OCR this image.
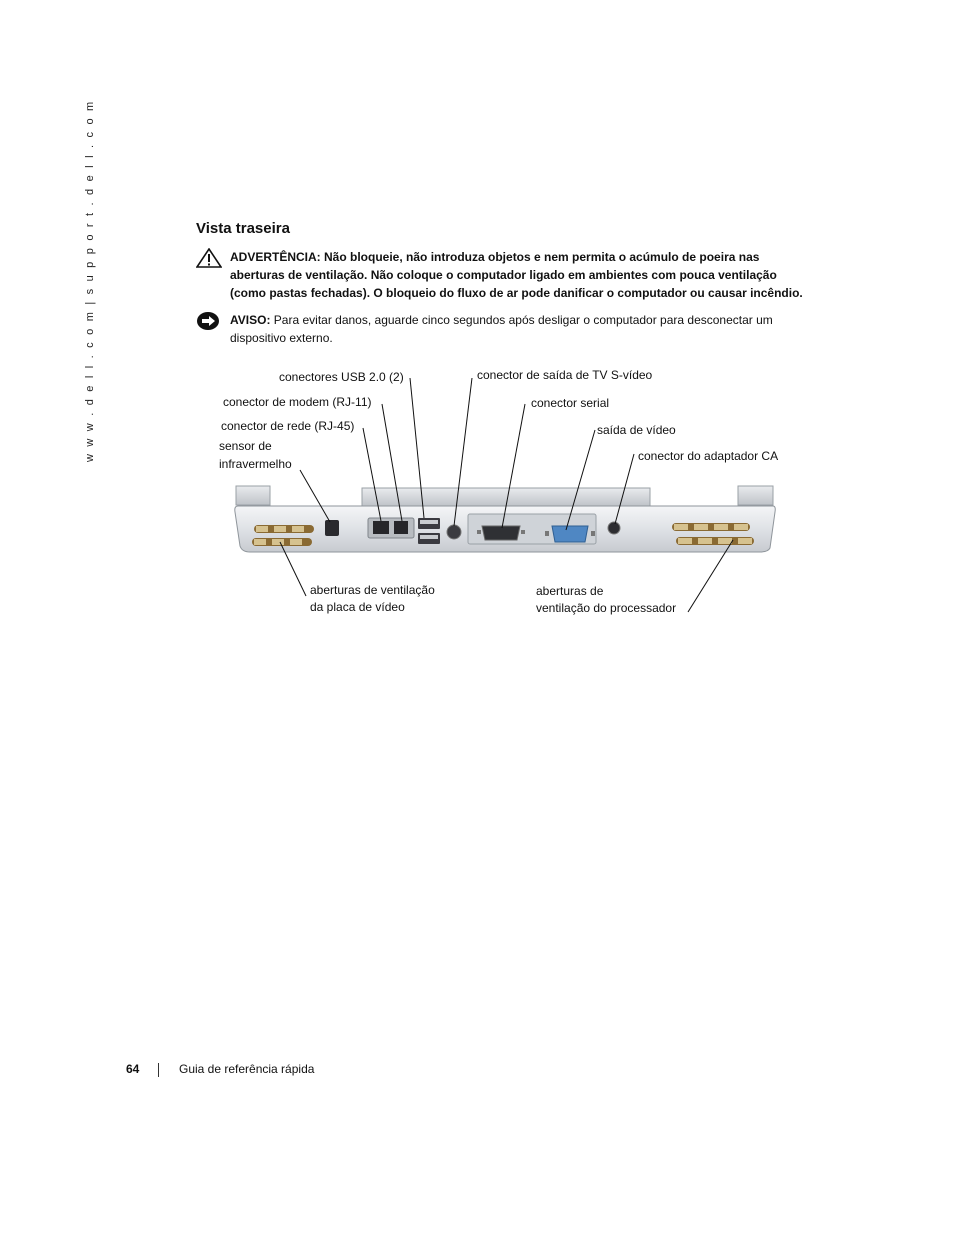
w w w . d e l l . c o m | s u p p o r t . d e l l . c o m	Vista traseira
ADVERTÊNCIA: Não bloqueie, não introduza objetos e nem permita o acúmulo de poeira nas aberturas de ventilação. Não coloque o computador ligado em ambientes com pouca ventilação (como pastas fechadas). O bloqueio do fluxo de ar pode danificar o computador ou causar incêndio.
AVISO: Para evitar danos, aguarde cinco segundos após desligar o computador para desconectar um dispositivo externo.
conectores USB 2.0 (2)
conector de modem (RJ-11)
conector de rede (RJ-45)
sensor de
infravermelho
conector de saída de TV S-vídeo
conector serial
saída de vídeo
conector do adaptador CA
aberturas de ventilação
da placa de vídeo
aberturas de
ventilação do processador
64	Guia de referência rápida
